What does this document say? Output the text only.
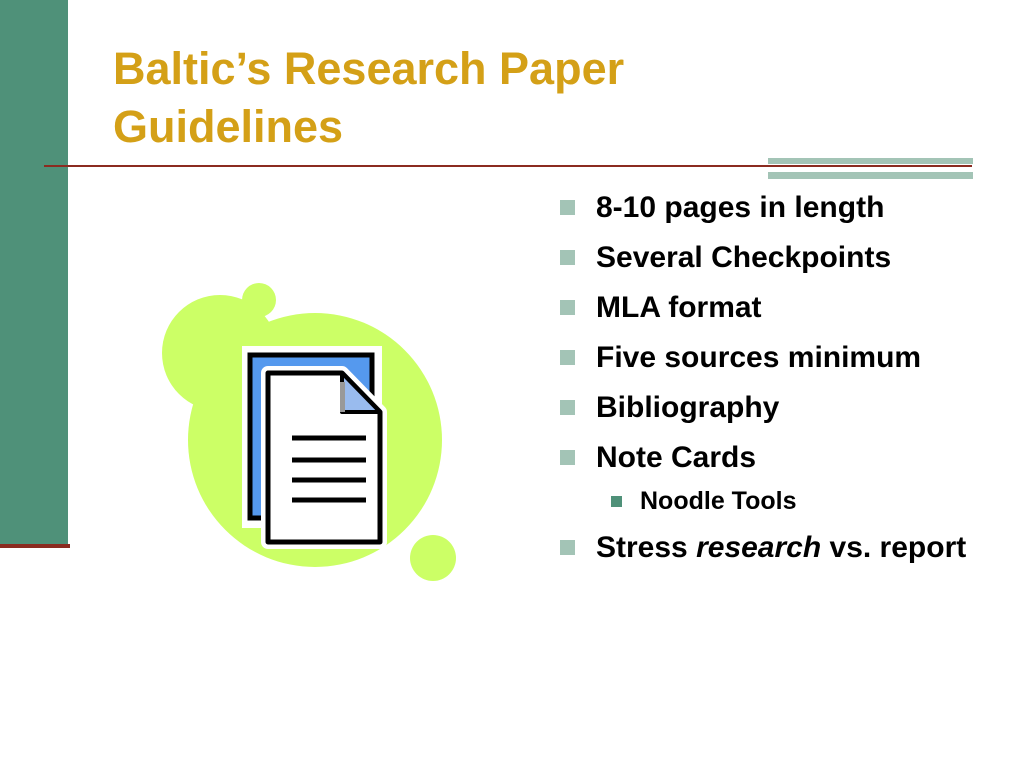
Baltic’s Research Paper Guidelines
8-10 pages in length
Several Checkpoints
MLA format
Five sources minimum
Bibliography
Note Cards
Noodle Tools
Stress research vs. report
